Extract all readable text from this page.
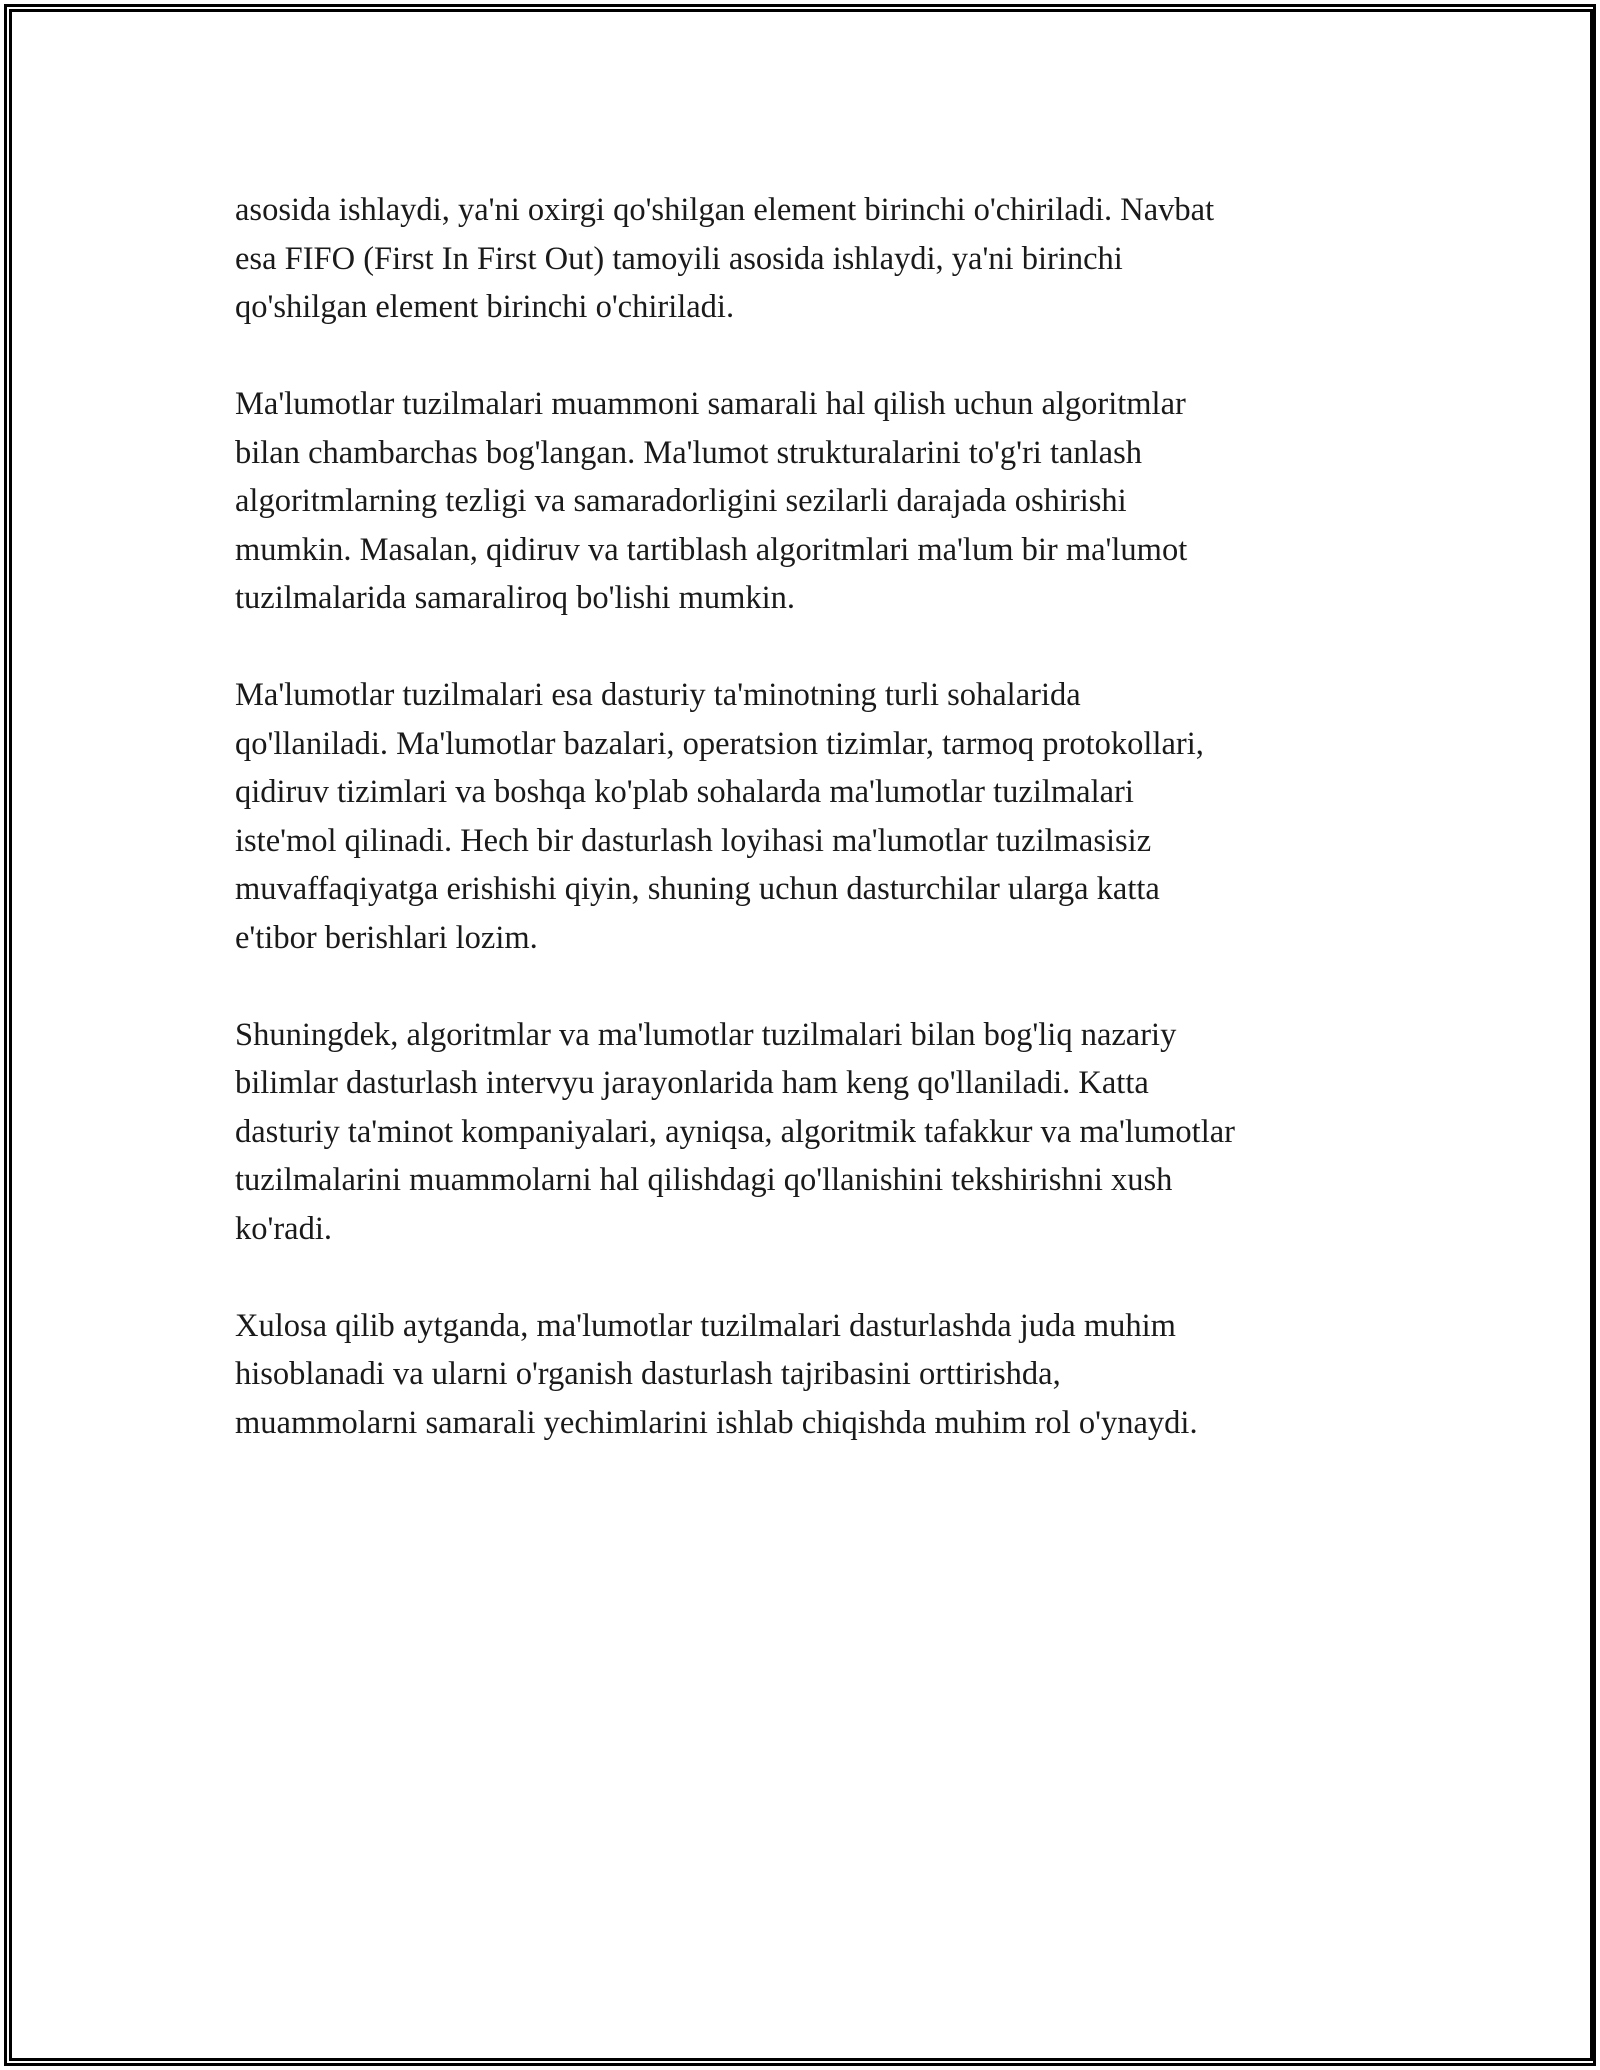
asosida ishlaydi, ya'ni oxirgi qo'shilgan element birinchi o'chiriladi. Navbat
esa FIFO (First In First Out) tamoyili asosida ishlaydi, ya'ni birinchi
qo'shilgan element birinchi o'chiriladi.

Ma'lumotlar tuzilmalari muammoni samarali hal qilish uchun algoritmlar
bilan chambarchas bog'langan. Ma'lumot strukturalarini to'g'ri tanlash
algoritmlarning tezligi va samaradorligini sezilarli darajada oshirishi
mumkin. Masalan, qidiruv va tartiblash algoritmlari ma'lum bir ma'lumot
tuzilmalarida samaraliroq bo'lishi mumkin.

Ma'lumotlar tuzilmalari esa dasturiy ta'minotning turli sohalarida
qo'llaniladi. Ma'lumotlar bazalari, operatsion tizimlar, tarmoq protokollari,
qidiruv tizimlari va boshqa ko'plab sohalarda ma'lumotlar tuzilmalari
iste'mol qilinadi. Hech bir dasturlash loyihasi ma'lumotlar tuzilmasisiz
muvaffaqiyatga erishishi qiyin, shuning uchun dasturchilar ularga katta
e'tibor berishlari lozim.

Shuningdek, algoritmlar va ma'lumotlar tuzilmalari bilan bog'liq nazariy
bilimlar dasturlash intervyu jarayonlarida ham keng qo'llaniladi. Katta
dasturiy ta'minot kompaniyalari, ayniqsa, algoritmik tafakkur va ma'lumotlar
tuzilmalarini muammolarni hal qilishdagi qo'llanishini tekshirishni xush
ko'radi.

Xulosa qilib aytganda, ma'lumotlar tuzilmalari dasturlashda juda muhim
hisoblanadi va ularni o'rganish dasturlash tajribasini orttirishda,
muammolarni samarali yechimlarini ishlab chiqishda muhim rol o'ynaydi.
